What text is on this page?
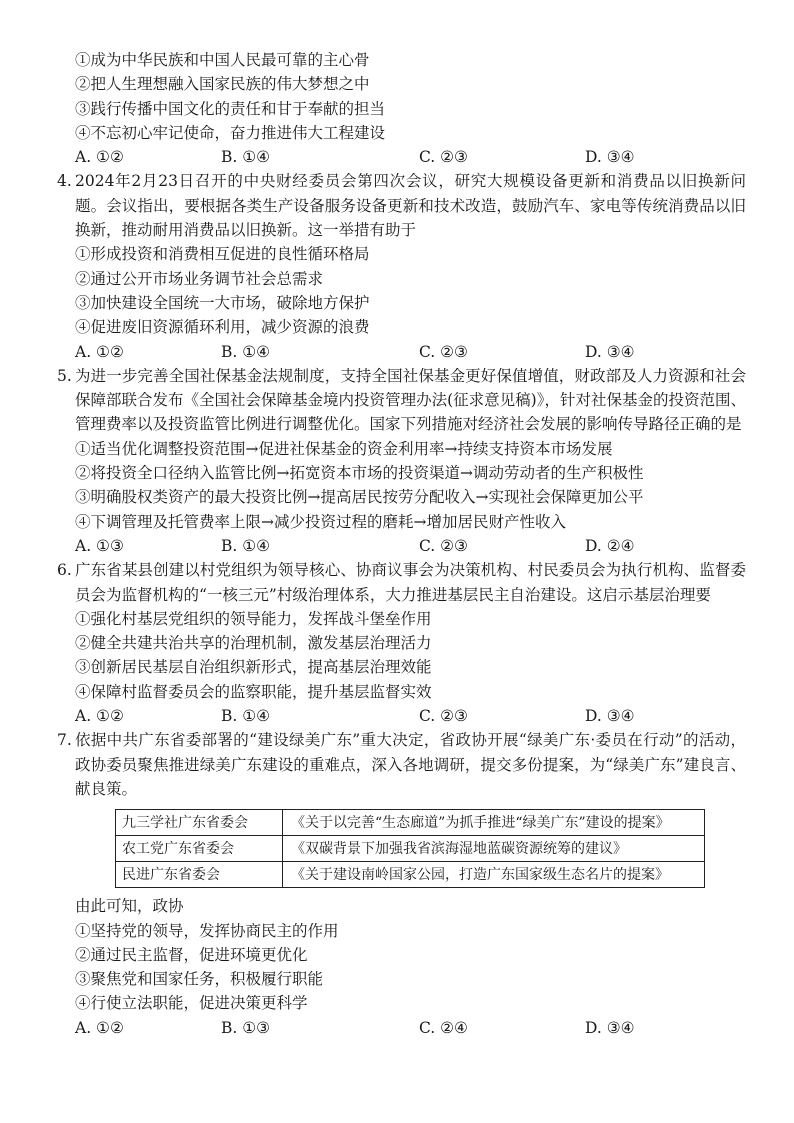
①成为中华民族和中国人民最可靠的主心骨
②把人生理想融入国家民族的伟大梦想之中
③践行传播中国文化的责任和甘于奉献的担当
④不忘初心牢记使命，奋力推进伟大工程建设
A. ①②	B. ①④	C. ②③	D. ③④
4. 2024年2月23日召开的中央财经委员会第四次会议，研究大规模设备更新和消费品以旧换新问题。会议指出，要根据各类生产设备服务设备更新和技术改造，鼓励汽车、家电等传统消费品以旧换新，推动耐用消费品以旧换新。这一举措有助于
①形成投资和消费相互促进的良性循环格局
②通过公开市场业务调节社会总需求
③加快建设全国统一大市场，破除地方保护
④促进废旧资源循环利用，减少资源的浪费
A. ①②	B. ①④	C. ②③	D. ③④
5. 为进一步完善全国社保基金法规制度，支持全国社保基金更好保值增值，财政部及人力资源和社会保障部联合发布《全国社会保障基金境内投资管理办法(征求意见稿)》，针对社保基金的投资范围、管理费率以及投资监管比例进行调整优化。国家下列措施对经济社会发展的影响传导路径正确的是
①适当优化调整投资范围→促进社保基金的资金利用率→持续支持资本市场发展
②将投资全口径纳入监管比例→拓宽资本市场的投资渠道→调动劳动者的生产积极性
③明确股权类资产的最大投资比例→提高居民按劳分配收入→实现社会保障更加公平
④下调管理及托管费率上限→减少投资过程的磨耗→增加居民财产性收入
A. ①③	B. ①④	C. ②③	D. ②④
6. 广东省某县创建以村党组织为领导核心、协商议事会为决策机构、村民委员会为执行机构、监督委员会为监督机构的“一核三元”村级治理体系，大力推进基层民主自治建设。这启示基层治理要
①强化村基层党组织的领导能力，发挥战斗堡垒作用
②健全共建共治共享的治理机制，激发基层治理活力
③创新居民基层自治组织新形式，提高基层治理效能
④保障村监督委员会的监察职能，提升基层监督实效
A. ①②	B. ①④	C. ②③	D. ③④
7. 依据中共广东省委部署的“建设绿美广东”重大决定，省政协开展“绿美广东·委员在行动”的活动，政协委员聚焦推进绿美广东建设的重难点，深入各地调研，提交多份提案，为“绿美广东”建良言、献良策。
九三学社广东省委会	《关于以完善“生态廊道”为抓手推进“绿美广东”建设的提案》
农工党广东省委会	《双碳背景下加强我省滨海湿地蓝碳资源统筹的建议》
民进广东省委会	《关于建设南岭国家公园，打造广东国家级生态名片的提案》
由此可知，政协
①坚持党的领导，发挥协商民主的作用
②通过民主监督，促进环境更优化
③聚焦党和国家任务，积极履行职能
④行使立法职能，促进决策更科学
A. ①②	B. ①③	C. ②④	D. ③④
